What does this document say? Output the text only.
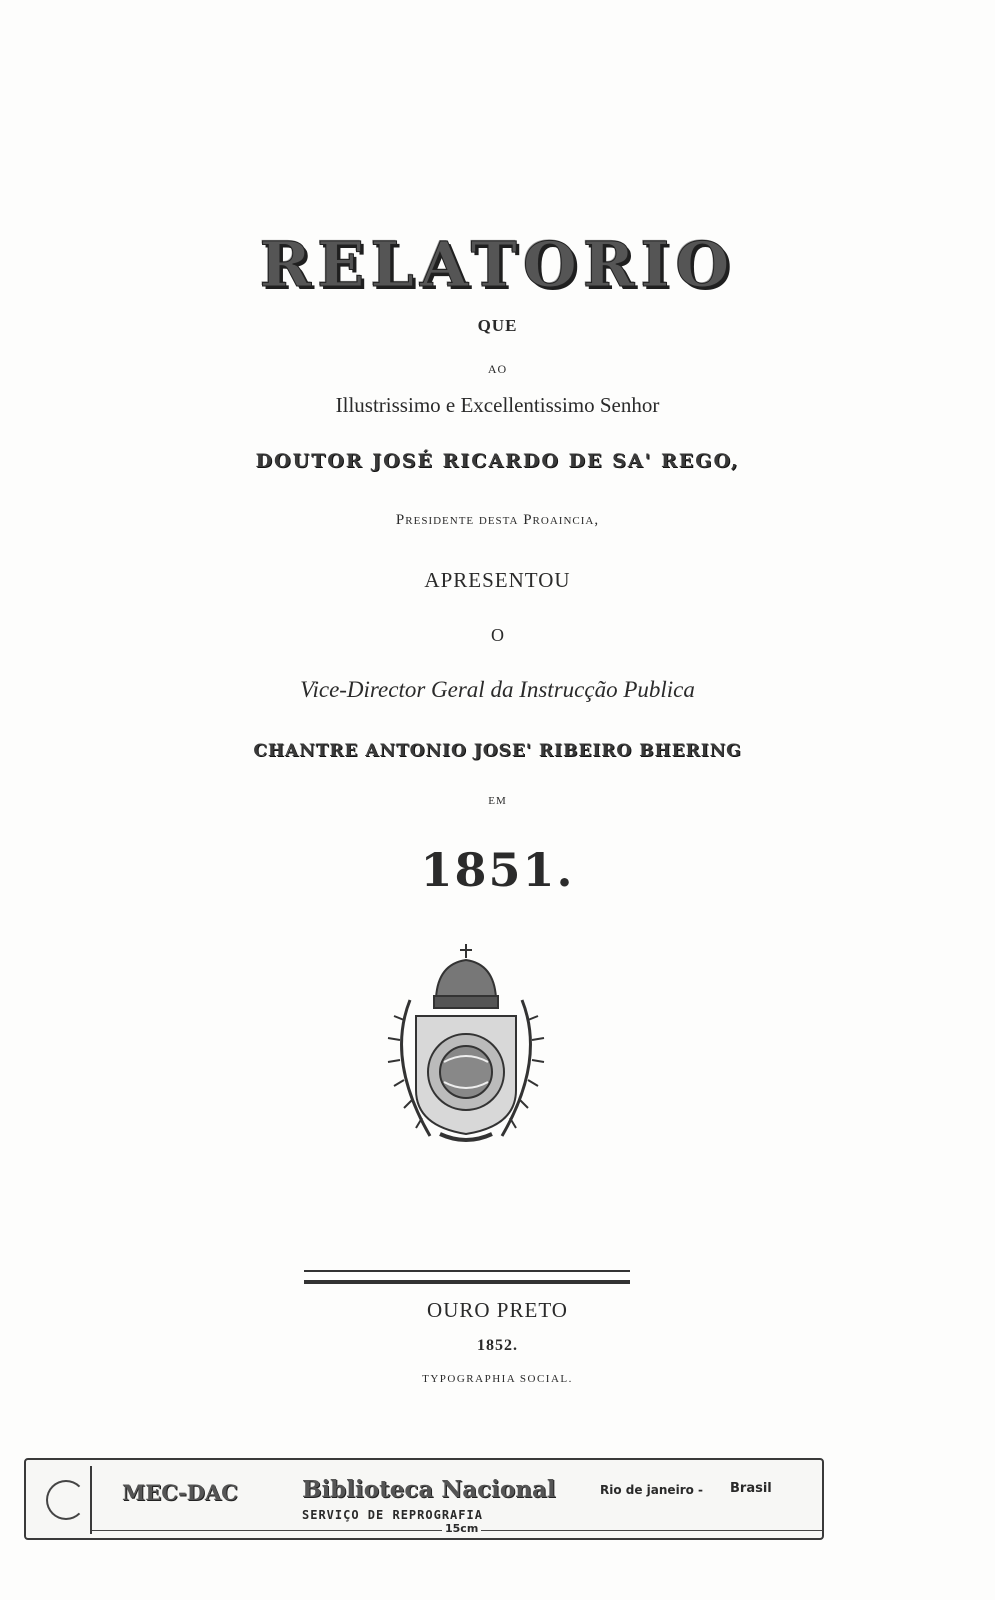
RELATORIO
QUE
AO
Illustrissimo e Excellentissimo Senhor
DOUTOR JOSÉ RICARDO DE SA' REGO,
Presidente desta Proaincia,
APRESENTOU
O
Vice-Director Geral da Instrucção Publica
CHANTRE ANTONIO JOSE' RIBEIRO BHERING
EM
1851.
OURO PRETO
1852.
TYPOGRAPHIA SOCIAL.
MEC-DAC	Biblioteca Nacional	Rio de janeiro - Brasil
SERVIÇO DE REPROGRAFIA
15cm
